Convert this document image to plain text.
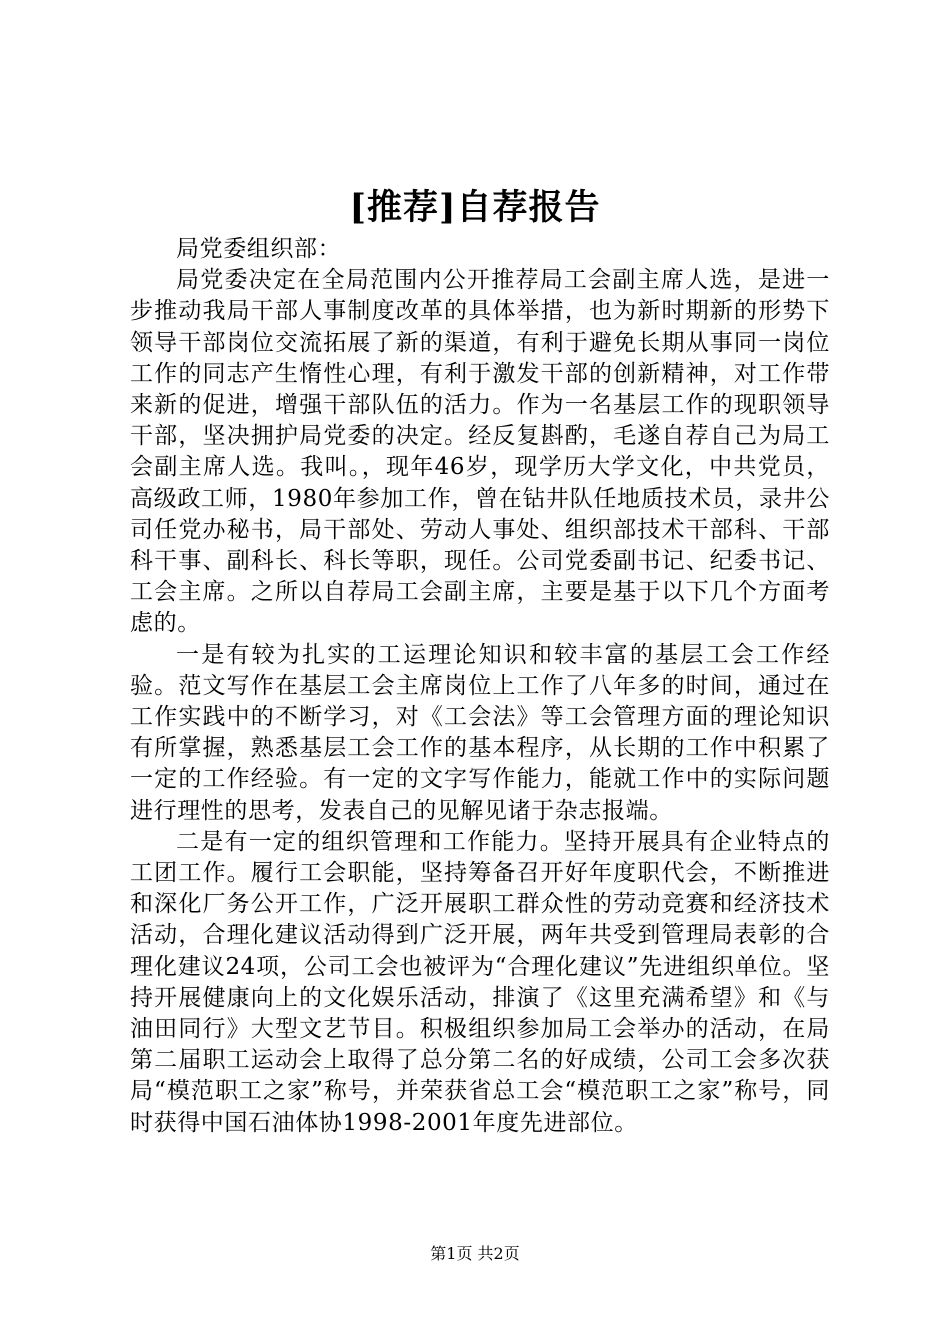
[推荐]自荐报告

局党委组织部：

局党委决定在全局范围内公开推荐局工会副主席人选，是进一步推动我局干部人事制度改革的具体举措，也为新时期新的形势下领导干部岗位交流拓展了新的渠道，有利于避免长期从事同一岗位工作的同志产生惰性心理，有利于激发干部的创新精神，对工作带来新的促进，增强干部队伍的活力。作为一名基层工作的现职领导干部，坚决拥护局党委的决定。经反复斟酌，毛遂自荐自己为局工会副主席人选。我叫。，现年46岁，现学历大学文化，中共党员，高级政工师，1980年参加工作，曾在钻井队任地质技术员，录井公司任党办秘书，局干部处、劳动人事处、组织部技术干部科、干部科干事、副科长、科长等职，现任。公司党委副书记、纪委书记、工会主席。之所以自荐局工会副主席，主要是基于以下几个方面考虑的。

一是有较为扎实的工运理论知识和较丰富的基层工会工作经验。范文写作在基层工会主席岗位上工作了八年多的时间，通过在工作实践中的不断学习，对《工会法》等工会管理方面的理论知识有所掌握，熟悉基层工会工作的基本程序，从长期的工作中积累了一定的工作经验。有一定的文字写作能力，能就工作中的实际问题进行理性的思考，发表自己的见解见诸于杂志报端。

二是有一定的组织管理和工作能力。坚持开展具有企业特点的工团工作。履行工会职能，坚持筹备召开好年度职代会，不断推进和深化厂务公开工作，广泛开展职工群众性的劳动竞赛和经济技术活动，合理化建议活动得到广泛开展，两年共受到管理局表彰的合理化建议24项，公司工会也被评为“合理化建议”先进组织单位。坚持开展健康向上的文化娱乐活动，排演了《这里充满希望》和《与油田同行》大型文艺节目。积极组织参加局工会举办的活动，在局第二届职工运动会上取得了总分第二名的好成绩，公司工会多次获局“模范职工之家”称号，并荣获省总工会“模范职工之家”称号，同时获得中国石油体协1998-2001年度先进部位。

第1页 共2页
